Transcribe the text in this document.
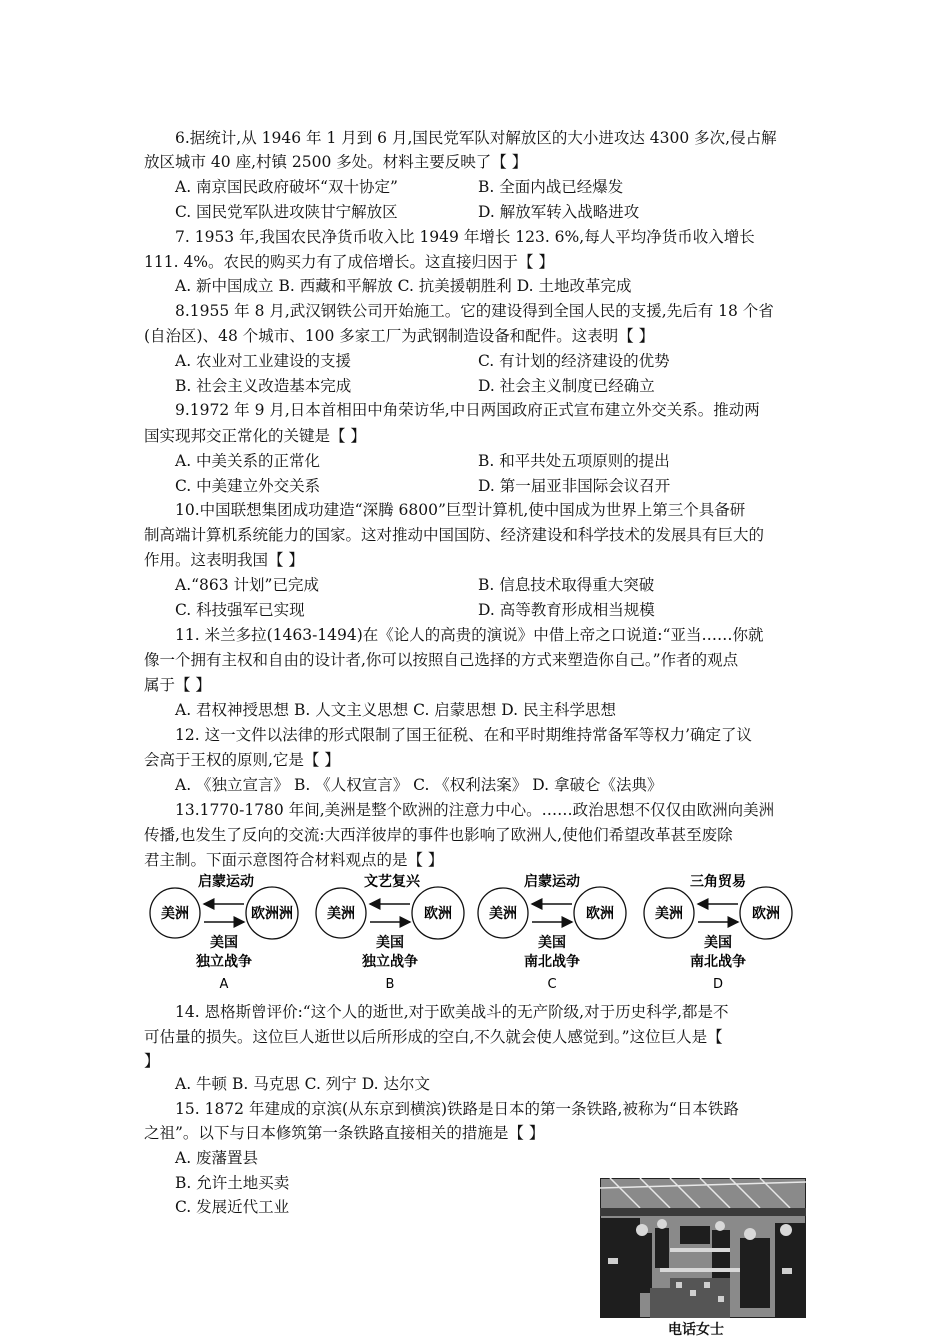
6.据统计,从 1946 年 1 月到 6 月,国民党军队对解放区的大小进攻达 4300 多次,侵占解
放区城市 40 座,村镇 2500 多处。材料主要反映了【 】
A. 南京国民政府破坏“双十协定”	B. 全面内战已经爆发
C. 国民党军队进攻陕甘宁解放区	D. 解放军转入战略进攻
7. 1953 年,我国农民净货币收入比 1949 年增长 123. 6%,每人平均净货币收入增长
111. 4%。农民的购买力有了成倍增长。这直接归因于【 】
A. 新中国成立 B. 西藏和平解放 C. 抗美援朝胜利 D. 土地改革完成
8.1955 年 8 月,武汉钢铁公司开始施工。它的建设得到全国人民的支援,先后有 18 个省
(自治区)、48 个城市、100 多家工厂为武钢制造设备和配件。这表明【 】
A. 农业对工业建设的支援	C. 有计划的经济建设的优势
B. 社会主义改造基本完成	D. 社会主义制度已经确立
9.1972 年 9 月,日本首相田中角荣访华,中日两国政府正式宣布建立外交关系。推动两
国实现邦交正常化的关键是【 】
A. 中美关系的正常化	B. 和平共处五项原则的提出
C. 中美建立外交关系	D. 第一届亚非国际会议召开
10.中国联想集团成功建造“深腾 6800”巨型计算机,使中国成为世界上第三个具备研
制高端计算机系统能力的国家。这对推动中国国防、经济建设和科学技术的发展具有巨大的
作用。这表明我国【 】
A.“863 计划”已完成	B. 信息技术取得重大突破
C. 科技强军已实现	D. 高等教育形成相当规模
11. 米兰多拉(1463-1494)在《论人的高贵的演说》中借上帝之口说道:“亚当……你就
像一个拥有主权和自由的设计者,你可以按照自己选择的方式来塑造你自己。”作者的观点
属于【 】
A. 君权神授思想 B. 人文主义思想 C. 启蒙思想 D. 民主科学思想
12. 这一文件以法律的形式限制了国王征税、在和平时期维持常备军等权力’确定了议
会高于王权的原则,它是【 】
A. 《独立宣言》 B. 《人权宣言》 C. 《权利法案》 D. 拿破仑《法典》
13.1770-1780 年间,美洲是整个欧洲的注意力中心。……政治思想不仅仅由欧洲向美洲
传播,也发生了反向的交流:大西洋彼岸的事件也影响了欧洲人,使他们希望改革甚至废除
君主制。下面示意图符合材料观点的是【 】
启蒙运动
美洲	欧洲洲
美国
独立战争
A
文艺复兴
美洲	欧洲
美国
独立战争
B
启蒙运动
美洲	欧洲
美国
南北战争
C
三角贸易
美洲	欧洲
美国
南北战争
D
14. 恩格斯曾评价:“这个人的逝世,对于欧美战斗的无产阶级,对于历史科学,都是不
可估量的损失。这位巨人逝世以后所形成的空白,不久就会使人感觉到。”这位巨人是【
】
A. 牛顿 B. 马克思 C. 列宁 D. 达尔文
15. 1872 年建成的京滨(从东京到横滨)铁路是日本的第一条铁路,被称为“日本铁路
之祖”。以下与日本修筑第一条铁路直接相关的措施是【 】
A. 废藩置县
B. 允许土地买卖
C. 发展近代工业
电话女士
